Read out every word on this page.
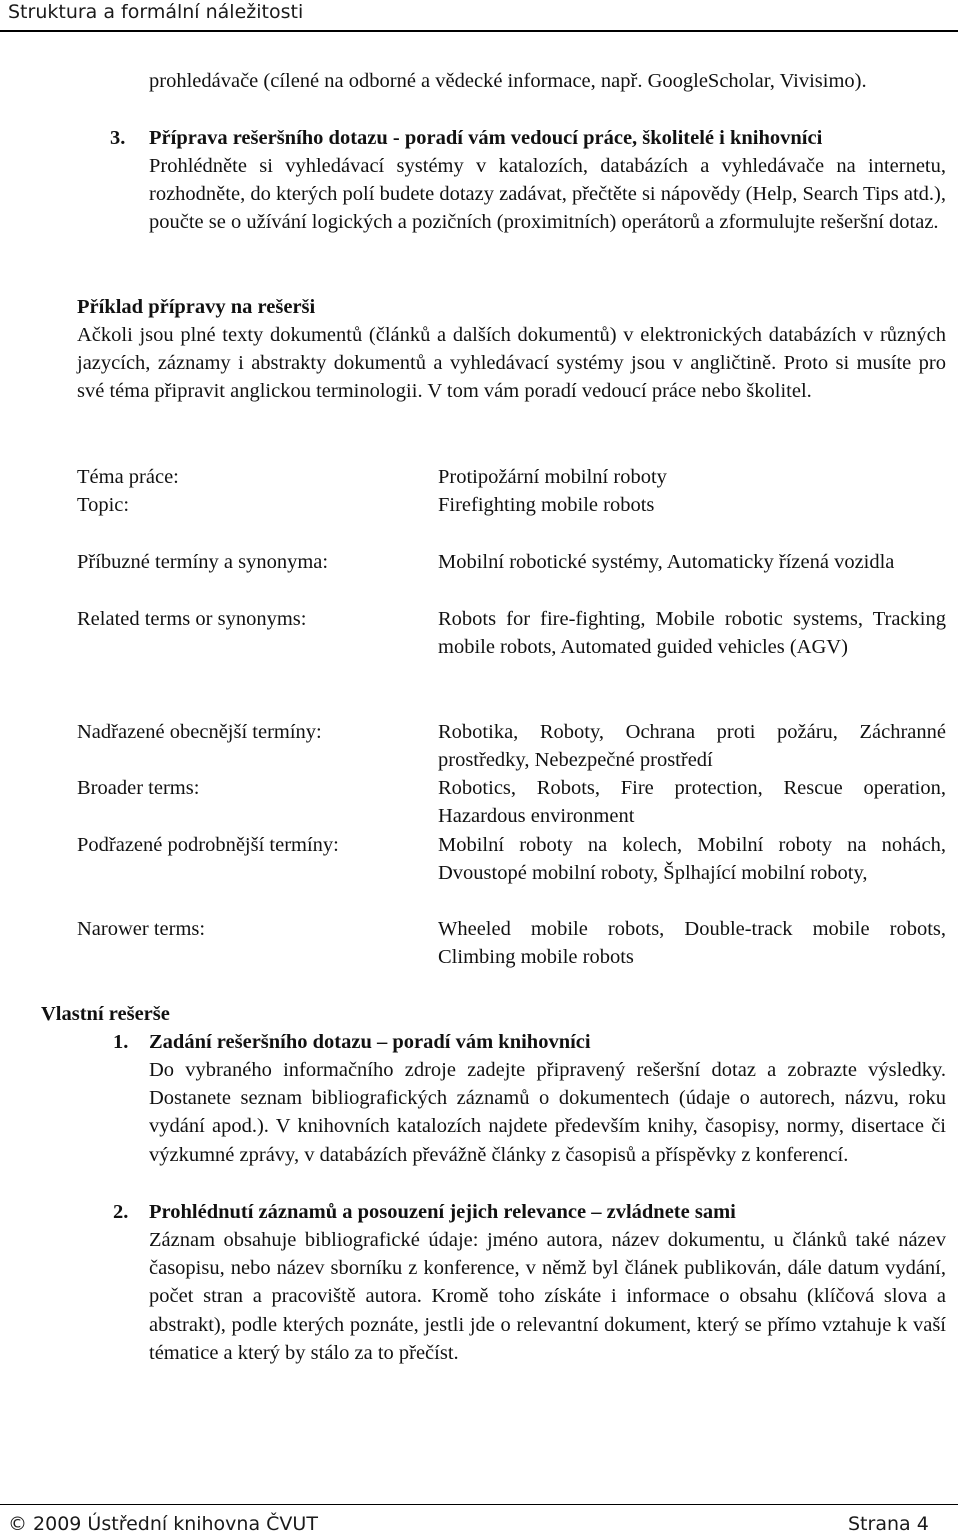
Struktura a formální náležitosti
prohledávače (cílené na odborné a vědecké informace, např. GoogleScholar, Vivisimo).
3. Příprava rešeršního dotazu - poradí vám vedoucí práce, školitelé i knihovníci
Prohlédněte si vyhledávací systémy v katalozích, databázích a vyhledávače na internetu, rozhodněte, do kterých polí budete dotazy zadávat, přečtěte si nápovědy (Help, Search Tips atd.), poučte se o užívání logických a pozičních (proximitních) operátorů a zformulujte rešeršní dotaz.
Příklad přípravy na rešerši
Ačkoli jsou plné texty dokumentů (článků a dalších dokumentů) v elektronických databázích v různých jazycích, záznamy i abstrakty dokumentů a vyhledávací systémy jsou v angličtině. Proto si musíte pro své téma připravit anglickou terminologii. V tom vám poradí vedoucí práce nebo školitel.
Téma práce:	Protipožární mobilní roboty
Topic:	Firefighting mobile robots
Příbuzné termíny a synonyma:	Mobilní robotické systémy, Automaticky řízená vozidla
Related terms or synonyms:	Robots for fire-fighting, Mobile robotic systems, Tracking mobile robots, Automated guided vehicles (AGV)
Nadřazené obecnější termíny:	Robotika, Roboty, Ochrana proti požáru, Záchranné prostředky, Nebezpečné prostředí
Broader terms:	Robotics, Robots, Fire protection, Rescue operation, Hazardous environment
Podřazené podrobnější termíny:	Mobilní roboty na kolech, Mobilní roboty na nohách, Dvoustopé mobilní roboty, Šplhající mobilní roboty,
Narower terms:	Wheeled mobile robots, Double-track mobile robots, Climbing mobile robots
Vlastní rešerše
1. Zadání rešeršního dotazu – poradí vám knihovníci
Do vybraného informačního zdroje zadejte připravený rešeršní dotaz a zobrazte výsledky. Dostanete seznam bibliografických záznamů o dokumentech (údaje o autorech, názvu, roku vydání apod.). V knihovních katalozích najdete především knihy, časopisy, normy, disertace či výzkumné zprávy, v databázích převážně články z časopisů a příspěvky z konferencí.
2. Prohlédnutí záznamů a posouzení jejich relevance – zvládnete sami
Záznam obsahuje bibliografické údaje: jméno autora, název dokumentu, u článků také název časopisu, nebo název sborníku z konference, v němž byl článek publikován, dále datum vydání, počet stran a pracoviště autora. Kromě toho získáte i informace o obsahu (klíčová slova a abstrakt), podle kterých poznáte, jestli jde o relevantní dokument, který se přímo vztahuje k vaší tématice a který by stálo za to přečíst.
© 2009 Ústřední knihovna ČVUT	Strana 4
